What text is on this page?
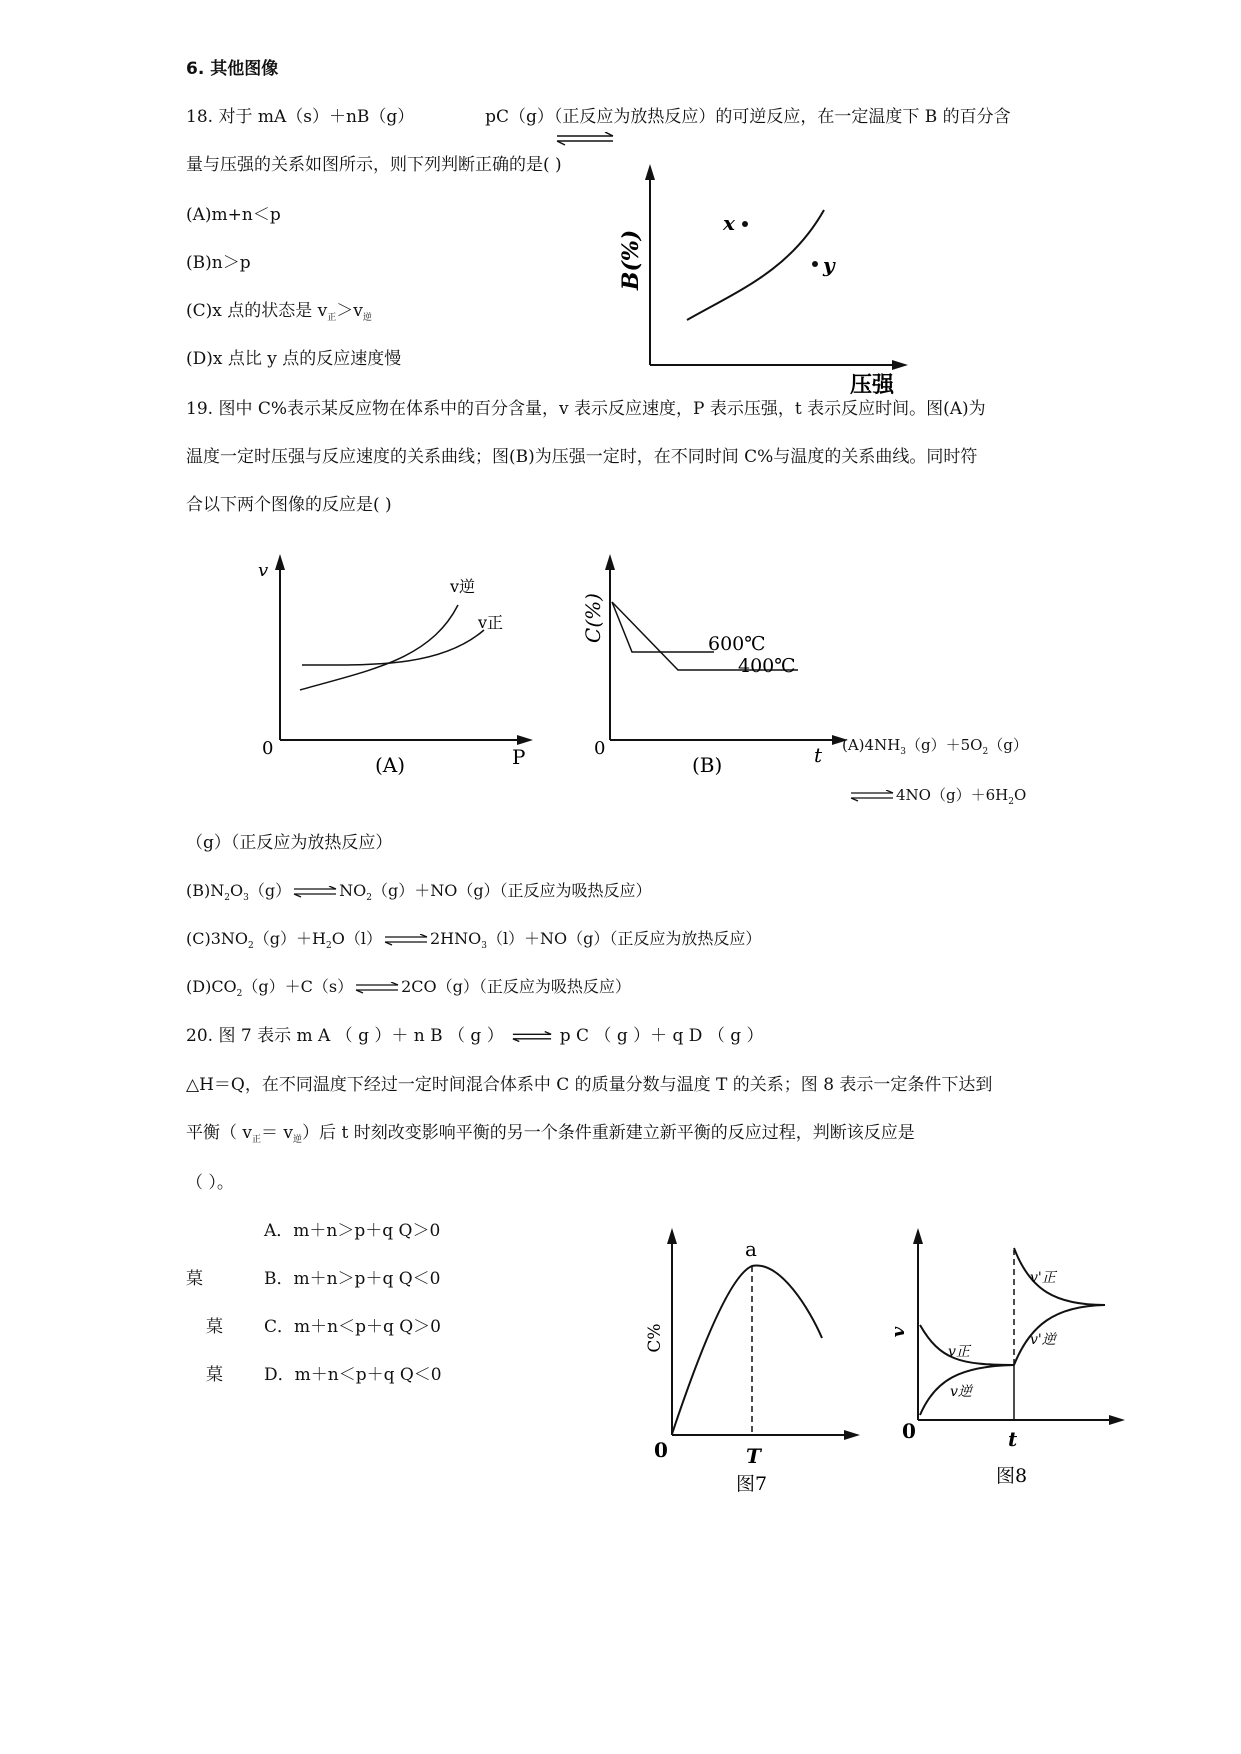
6. 其他图像
18. 对于 mA（s）＋nB（g）	pC（g）（正反应为放热反应）的可逆反应，在一定温度下 B 的百分含
量与压强的关系如图所示，则下列判断正确的是( )
(A)m+n＜p
(B)n＞p
(C)x 点的状态是 $v_正>v_逆$
(D)x 点比 y 点的反应速度慢
x
y
B(%)
压强
19. 图中 C%表示某反应物在体系中的百分含量，v 表示反应速度，P 表示压强，t 表示反应时间。图(A)为
温度一定时压强与反应速度的关系曲线；图(B)为压强一定时，在不同时间 C%与温度的关系曲线。同时符
合以下两个图像的反应是( )
v
0	P
(A)
v逆
v正	C(%)
0	t
(B)
600℃
400℃
$(A)4NH_3(g)+5O_2(g)$
⇌ $4NO(g)+6H_2O$
（g）（正反应为放热反应）
$(B)N_2O_3(g)$ ⇌ $NO_2(g)+NO(g)$（正反应为吸热反应）
$(C)3NO_2(g)+H_2O(l)$ ⇌ $2HNO_3(l)+NO(g)$（正反应为放热反应）
$(D)CO_2(g)+C(s)$ ⇌ 2CO（g）（正反应为吸热反应）
20. 图 7 表示 m A （ g ）＋ n B （ g ） ⇌ p C （ g ）＋ q D （ g ）
△H＝Q，在不同温度下经过一定时间混合体系中 C 的质量分数与温度 T 的关系；图 8 表示一定条件下达到
平衡（ $v_正= v_逆$）后 t 时刻改变影响平衡的另一个条件重新建立新平衡的反应过程，判断该反应是
（ ）。
A．m＋n＞p＋q Q＞0
菒	B．m＋n＞p＋q Q＜0
菒 C．m＋n＜p＋q Q＞0
菒 D．m＋n＜p＋q Q＜0
a
C%
0	T
图7
v
v正
v逆
v'正
v'逆
0	t
图8
